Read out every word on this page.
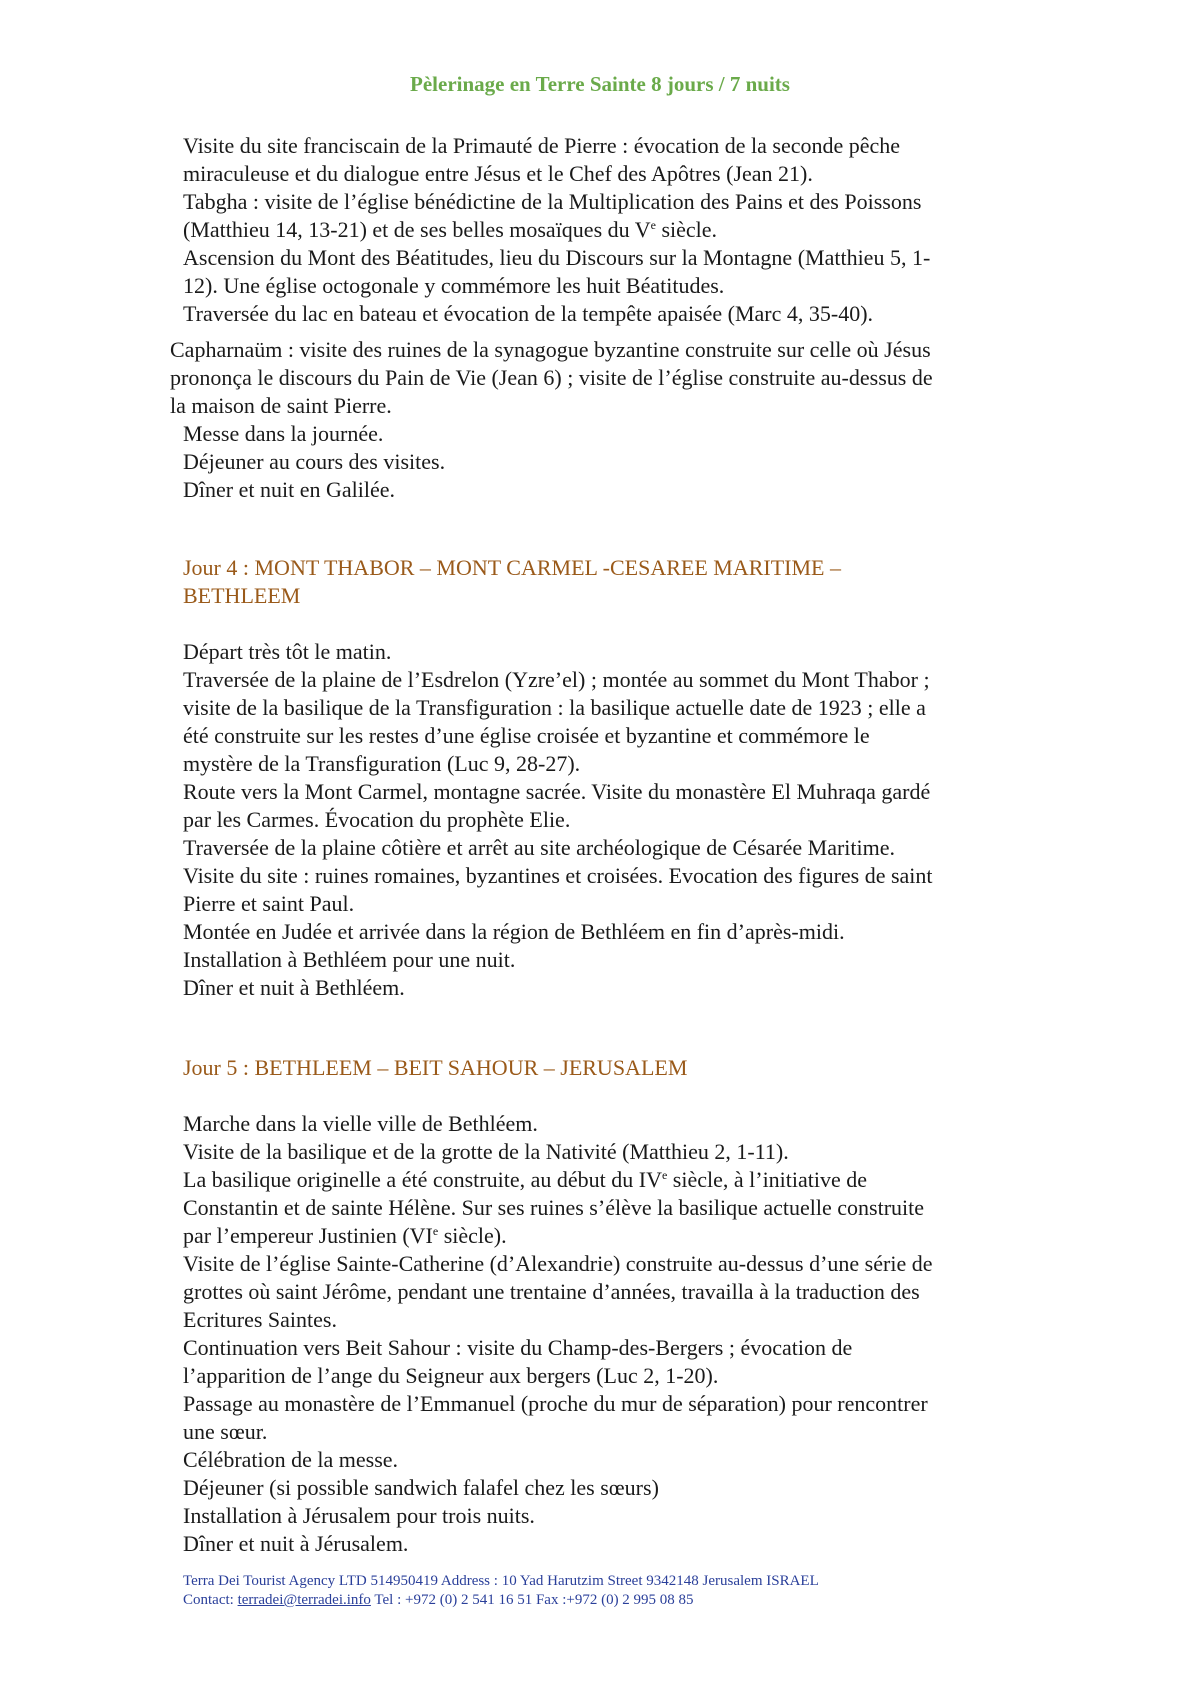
Pèlerinage en Terre Sainte 8 jours / 7 nuits
Visite du site franciscain de la Primauté de Pierre : évocation de la seconde pêche
miraculeuse et du dialogue entre Jésus et le Chef des Apôtres (Jean 21).
Tabgha : visite de l’église bénédictine de la Multiplication des Pains et des Poissons
(Matthieu 14, 13-21) et de ses belles mosaïques du Ve siècle.
Ascension du Mont des Béatitudes, lieu du Discours sur la Montagne (Matthieu 5, 1-
12). Une église octogonale y commémore les huit Béatitudes.
Traversée du lac en bateau et évocation de la tempête apaisée (Marc 4, 35-40).
Capharnaüm : visite des ruines de la synagogue byzantine construite sur celle où Jésus
prononça le discours du Pain de Vie (Jean 6) ; visite de l’église construite au-dessus de
la maison de saint Pierre.
Messe dans la journée.
Déjeuner au cours des visites.
Dîner et nuit en Galilée.
Jour 4 : MONT THABOR – MONT CARMEL -CESAREE MARITIME –
BETHLEEM
Départ très tôt le matin.
Traversée de la plaine de l’Esdrelon (Yzre’el) ; montée au sommet du Mont Thabor ;
visite de la basilique de la Transfiguration : la basilique actuelle date de 1923 ; elle a
été construite sur les restes d’une église croisée et byzantine et commémore le
mystère de la Transfiguration (Luc 9, 28-27).
Route vers la Mont Carmel, montagne sacrée. Visite du monastère El Muhraqa gardé
par les Carmes. Évocation du prophète Elie.
Traversée de la plaine côtière et arrêt au site archéologique de Césarée Maritime.
Visite du site : ruines romaines, byzantines et croisées. Evocation des figures de saint
Pierre et saint Paul.
Montée en Judée et arrivée dans la région de Bethléem en fin d’après-midi.
Installation à Bethléem pour une nuit.
Dîner et nuit à Bethléem.
Jour 5 : BETHLEEM – BEIT SAHOUR – JERUSALEM
Marche dans la vielle ville de Bethléem.
Visite de la basilique et de la grotte de la Nativité (Matthieu 2, 1-11).
La basilique originelle a été construite, au début du IVe siècle, à l’initiative de
Constantin et de sainte Hélène. Sur ses ruines s’élève la basilique actuelle construite
par l’empereur Justinien (VIe siècle).
Visite de l’église Sainte-Catherine (d’Alexandrie) construite au-dessus d’une série de
grottes où saint Jérôme, pendant une trentaine d’années, travailla à la traduction des
Ecritures Saintes.
Continuation vers Beit Sahour : visite du Champ-des-Bergers ; évocation de
l’apparition de l’ange du Seigneur aux bergers (Luc 2, 1-20).
Passage au monastère de l’Emmanuel (proche du mur de séparation) pour rencontrer
une sœur.
Célébration de la messe.
Déjeuner (si possible sandwich falafel chez les sœurs)
Installation à Jérusalem pour trois nuits.
Dîner et nuit à Jérusalem.
Terra Dei Tourist Agency LTD 514950419 Address : 10 Yad Harutzim Street 9342148 Jerusalem ISRAEL
Contact: terradei@terradei.info Tel : +972 (0) 2 541 16 51 Fax :+972 (0) 2 995 08 85
